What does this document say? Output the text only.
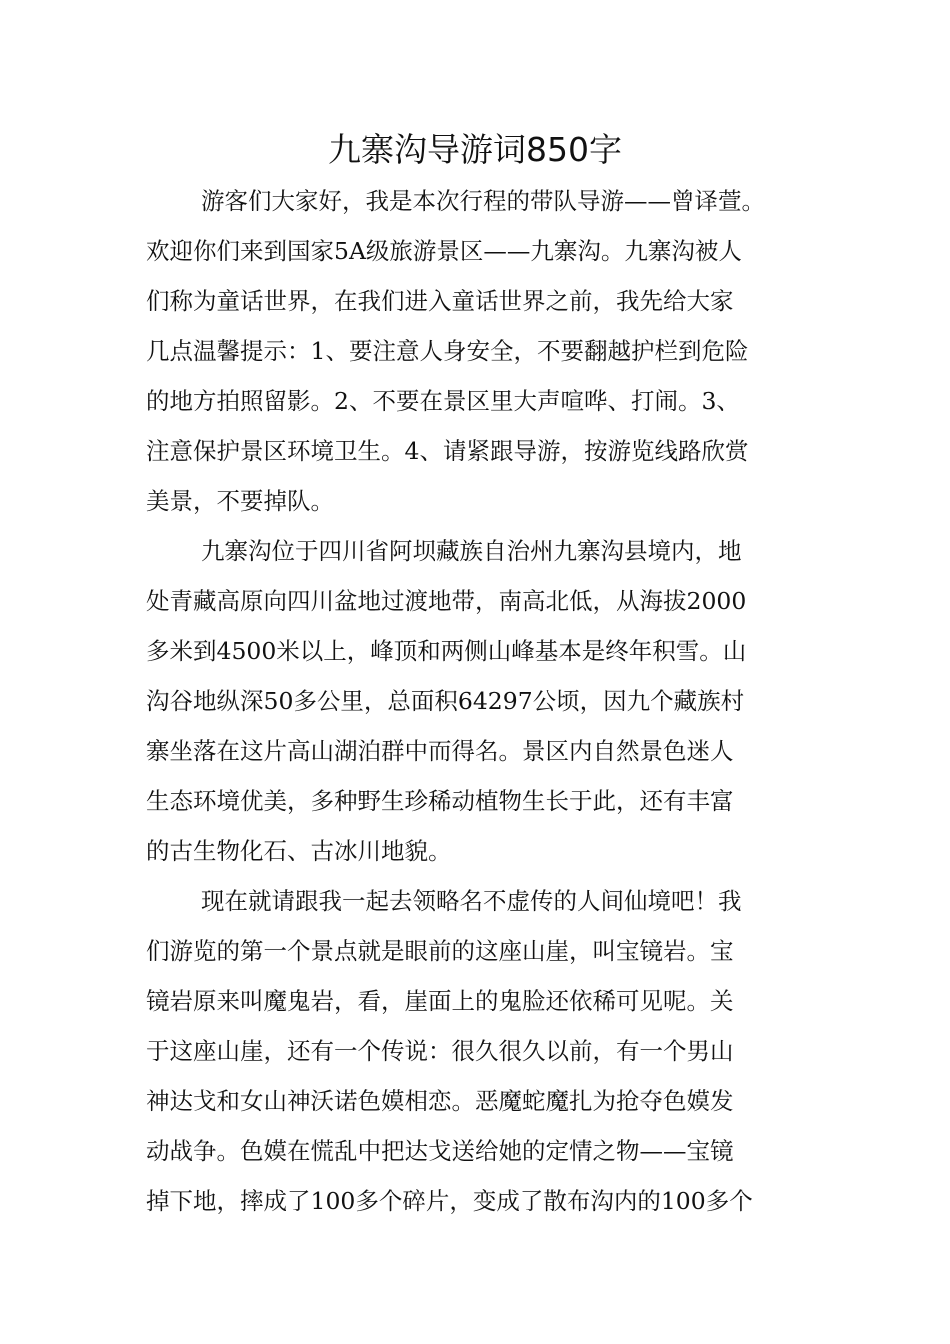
九寨沟导游词850字
游客们大家好，我是本次行程的带队导游——曾译萱。
欢迎你们来到国家5A级旅游景区——九寨沟。九寨沟被人
们称为童话世界，在我们进入童话世界之前，我先给大家
几点温馨提示：1、要注意人身安全，不要翻越护栏到危险
的地方拍照留影。2、不要在景区里大声喧哗、打闹。3、
注意保护景区环境卫生。4、请紧跟导游，按游览线路欣赏
美景，不要掉队。
九寨沟位于四川省阿坝藏族自治州九寨沟县境内，地
处青藏高原向四川盆地过渡地带，南高北低，从海拔2000
多米到4500米以上，峰顶和两侧山峰基本是终年积雪。山
沟谷地纵深50多公里，总面积64297公顷，因九个藏族村
寨坐落在这片高山湖泊群中而得名。景区内自然景色迷人
生态环境优美，多种野生珍稀动植物生长于此，还有丰富
的古生物化石、古冰川地貌。
现在就请跟我一起去领略名不虚传的人间仙境吧！我
们游览的第一个景点就是眼前的这座山崖，叫宝镜岩。宝
镜岩原来叫魔鬼岩，看，崖面上的鬼脸还依稀可见呢。关
于这座山崖，还有一个传说：很久很久以前，有一个男山
神达戈和女山神沃诺色嫫相恋。恶魔蛇魔扎为抢夺色嫫发
动战争。色嫫在慌乱中把达戈送给她的定情之物——宝镜
掉下地，摔成了100多个碎片，变成了散布沟内的100多个
